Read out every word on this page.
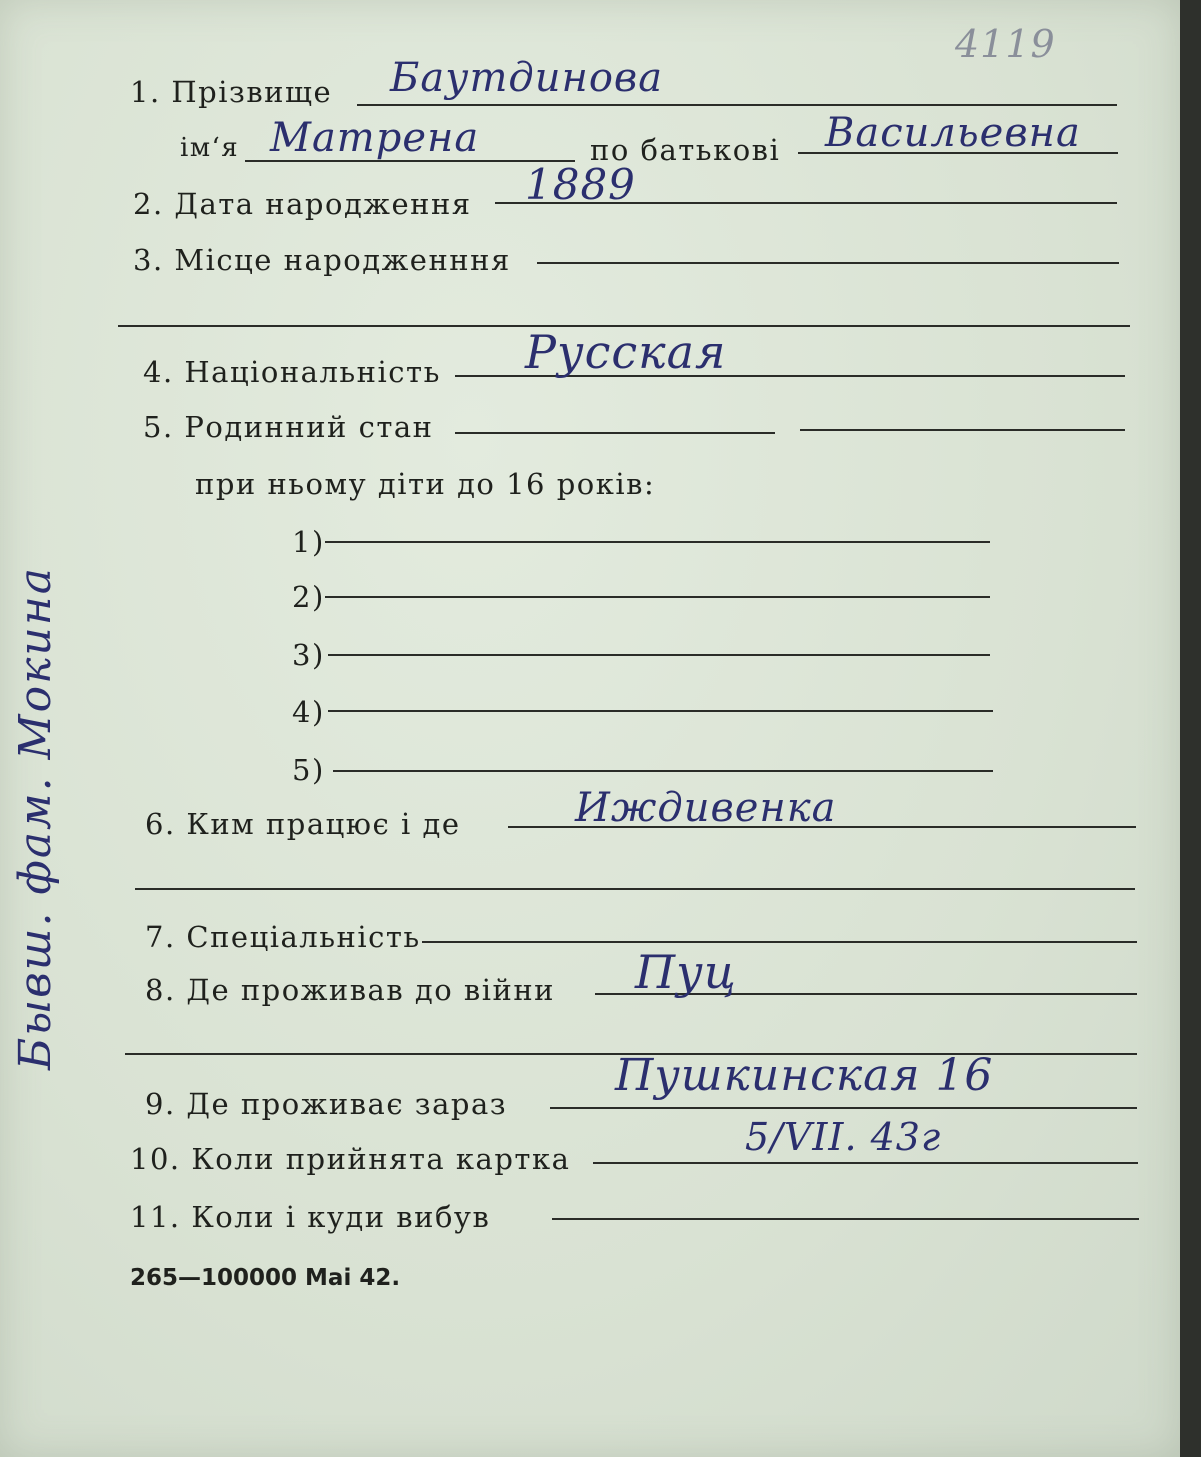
4119
1. Прізвище Баутдинова
ім‘я Матрена	по батькові Васильевна
2. Дата народження 1889
3. Місце народженння
4. Національність Русская
5. Родинний стан
при ньому діти до 16 років:
1)
2)
3)
4)
5)
6. Ким працює і де	Иждивенка
7. Спеціальність
8. Де проживав до війни Пуц
9. Де проживає зараз
Пушкинская 16
10. Коли прийнята картка	5/VII. 43г
11. Коли і куди вибув
265—100000 Mai 42.
Бывш. фам. Мокина
